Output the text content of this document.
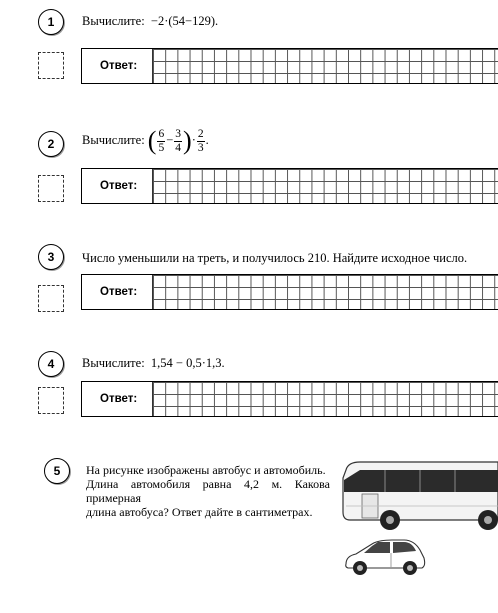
1 Вычислите: −2·(54−129).
Ответ:
2 Вычислите: ( $\frac{6}{5} - \frac{3}{4}$ )· $\frac{2}{3}$ .
Ответ:
3 Число уменьшили на треть, и получилось 210. Найдите исходное число.
Ответ:
4 Вычислите: 1,54 − 0,5·1,3.
Ответ:
5 На рисунке изображены автобус и автомобиль.
Длина автомобиля равна 4,2 м. Какова примерная
длина автобуса? Ответ дайте в сантиметрах.
